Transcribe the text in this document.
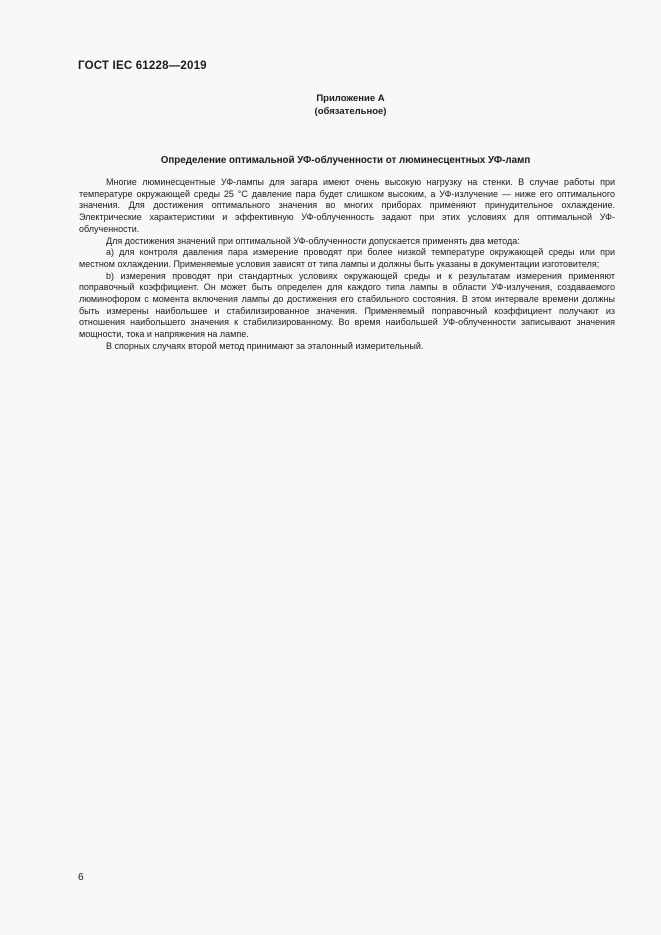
ГОСТ IEC 61228—2019
Приложение А
(обязательное)
Определение оптимальной УФ-облученности от люминесцентных УФ-ламп

Многие люминесцентные УФ-лампы для загара имеют очень высокую нагрузку на стенки. В случае работы при температуре окружающей среды 25 °С давление пара будет слишком высоким, а УФ-излучение — ниже его оптимального значения. Для достижения оптимального значения во многих приборах применяют принудительное охлаждение. Электрические характеристики и эффективную УФ-облученность задают при этих условиях для оптимальной УФ-облученности.

Для достижения значений при оптимальной УФ-облученности допускается применять два метода:

а) для контроля давления пара измерение проводят при более низкой температуре окружающей среды или при местном охлаждении. Применяемые условия зависят от типа лампы и должны быть указаны в документации изготовителя;

b) измерения проводят при стандартных условиях окружающей среды и к результатам измерения применяют поправочный коэффициент. Он может быть определен для каждого типа лампы в области УФ-излучения, создаваемого люминофором с момента включения лампы до достижения его стабильного состояния. В этом интервале времени должны быть измерены наибольшее и стабилизированное значения. Применяемый поправочный коэффициент получают из отношения наибольшего значения к стабилизированному. Во время наибольшей УФ-облученности записывают значения мощности, тока и напряжения на лампе.

В спорных случаях второй метод принимают за эталонный измерительный.

6
